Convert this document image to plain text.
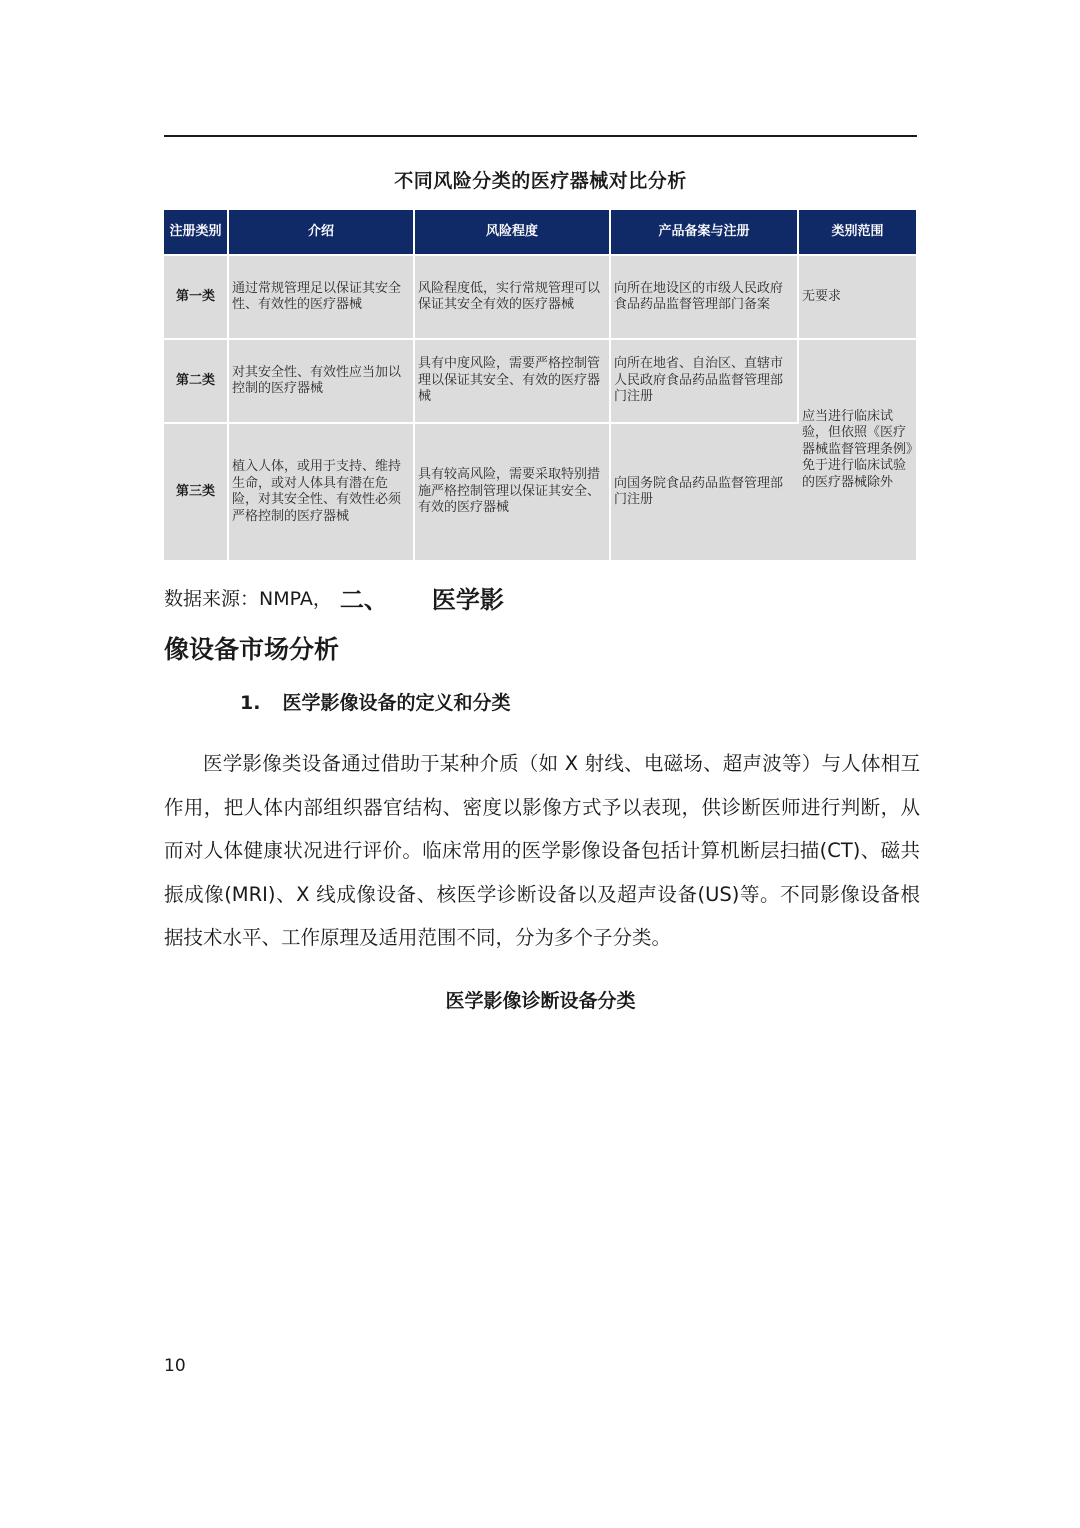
不同风险分类的医疗器械对比分析
注册类别	介绍	风险程度	产品备案与注册	类别范围
第一类	通过常规管理足以保证其安全性、有效性的医疗器械	风险程度低，实行常规管理可以保证其安全有效的医疗器械	向所在地设区的市级人民政府食品药品监督管理部门备案	无要求
第二类	对其安全性、有效性应当加以控制的医疗器械	具有中度风险，需要严格控制管理以保证其安全、有效的医疗器械	向所在地省、自治区、直辖市人民政府食品药品监督管理部门注册	应当进行临床试验，但依照《医疗器械监督管理条例》免于进行临床试验的医疗器械除外
第三类	植入人体，或用于支持、维持生命，或对人体具有潜在危险，对其安全性、有效性必须严格控制的医疗器械	具有较高风险，需要采取特别措施严格控制管理以保证其安全、有效的医疗器械	向国务院食品药品监督管理部门注册	
数据来源：NMPA， 二、 医学影
像设备市场分析
1. 医学影像设备的定义和分类
医学影像类设备通过借助于某种介质（如 X 射线、电磁场、超声波等）与人体相互作用，把人体内部组织器官结构、密度以影像方式予以表现，供诊断医师进行判断，从而对人体健康状况进行评价。临床常用的医学影像设备包括计算机断层扫描(CT)、磁共振成像(MRI)、X 线成像设备、核医学诊断设备以及超声设备(US)等。不同影像设备根据技术水平、工作原理及适用范围不同，分为多个子分类。
医学影像诊断设备分类
10
